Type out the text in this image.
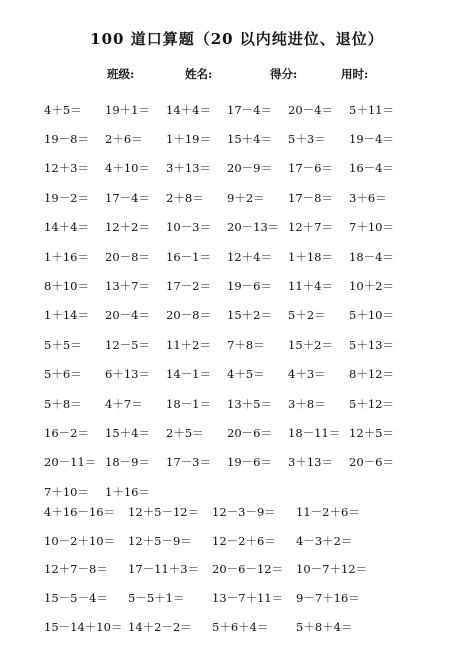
100 道口算题（20 以内纯进位、退位）
班级:	姓名:	得分:	用时:
4＋5＝	19＋1＝	14＋4＝	17－4＝	20－4＝	5＋11＝
19－8＝	2＋6＝	1＋19＝	15＋4＝	5＋3＝	19－4＝
12＋3＝	4＋10＝	3＋13＝	20－9＝	17－6＝	16－4＝
19－2＝	17－4＝	2＋8＝	9＋2＝	17－8＝	3＋6＝
14＋4＝	12＋2＝	10－3＝	20－13＝ 12＋7＝	7＋10＝
1＋16＝	20－8＝	16－1＝	12＋4＝	1＋18＝	18－4＝
8＋10＝	13＋7＝	17－2＝	19－6＝	11＋4＝	10＋2＝
1＋14＝	20－4＝	20－8＝	15＋2＝	5＋2＝	5＋10＝
5＋5＝	12－5＝	11＋2＝	7＋8＝	15＋2＝	5＋13＝
5＋6＝	6＋13＝	14－1＝	4＋5＝	4＋3＝	8＋12＝
5＋8＝	4＋7＝	18－1＝	13＋5＝	3＋8＝	5＋12＝
16－2＝	15＋4＝	2＋5＝	20－6＝	18－11＝ 12＋5＝
20－11＝ 18－9＝	17－3＝	19－6＝	3＋13＝	20－6＝
7＋10＝	1＋16＝
4＋16－16＝	12＋5－12＝	12－3－9＝	11－2＋6＝
10－2＋10＝	12＋5－9＝	12－2＋6＝	4－3＋2＝
12＋7－8＝	17－11＋3＝	20－6－12＝	10－7＋12＝
15－5－4＝	5－5＋1＝	13－7＋11＝	9－7＋16＝
15－14＋10＝ 14＋2－2＝	5＋6＋4＝	5＋8＋4＝
